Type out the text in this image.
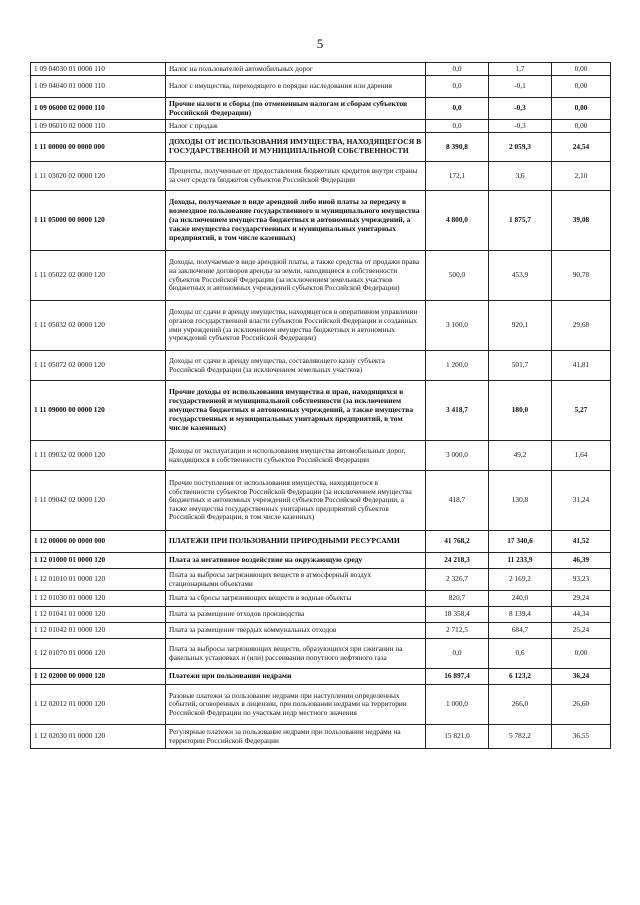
5
1 09 04030 01 0000 110	Налог на пользователей автомобильных дорог	0,0	1,7	0,00
1 09 04040 01 0000 110	Налог с имущества, переходящего в порядке наследования или дарения	0,0	-0,1	0,00
1 09 06000 02 0000 110	Прочие налоги и сборы (по отмененным налогам и сборам субъектов Российской Федерации)	0,0	-0,3	0,00
1 09 06010 02 0000 110	Налог с продаж	0,0	-0,3	0,00
1 11 00000 00 0000 000	ДОХОДЫ ОТ ИСПОЛЬЗОВАНИЯ ИМУЩЕСТВА, НАХОДЯЩЕГОСЯ В ГОСУДАРСТВЕННОЙ И МУНИЦИПАЛЬНОЙ СОБСТВЕННОСТИ	8 390,8	2 059,3	24,54
1 11 03020 02 0000 120	Проценты, полученные от предоставления бюджетных кредитов внутри страны за счет средств бюджетов субъектов Российской Федерации	172,1	3,6	2,10
1 11 05000 00 0000 120	Доходы, получаемые в виде арендной либо иной платы за передачу в возмездное пользование государственного и муниципального имущества (за исключением имущества бюджетных и автономных учреждений, а также имущества государственных и муниципальных унитарных предприятий, в том числе казенных)	4 800,0	1 875,7	39,08
1 11 05022 02 0000 120	Доходы, получаемые в виде арендной платы, а также средства от продажи права на заключение договоров аренды за земли, находящиеся в собственности субъектов Российской Федерации (за исключением земельных участков бюджетных и автономных учреждений субъектов Российской Федерации)	500,0	453,9	90,78
1 11 05032 02 0000 120	Доходы от сдачи в аренду имущества, находящегося в оперативном управлении органов государственной власти субъектов Российской Федерации и созданных ими учреждений (за исключением имущества бюджетных и автономных учреждений субъектов Российской Федерации)	3 100,0	920,1	29,68
1 11 05072 02 0000 120	Доходы от сдачи в аренду имущества, составляющего казну субъекта Российской Федерации (за исключением земельных участков)	1 200,0	501,7	41,81
1 11 09000 00 0000 120	Прочие доходы от использования имущества и прав, находящихся в государственной и муниципальной собственности (за исключением имущества бюджетных и автономных учреждений, а также имущества государственных и муниципальных унитарных предприятий, в том числе казенных)	3 418,7	180,0	5,27
1 11 09032 02 0000 120	Доходы от эксплуатации и использования имущества автомобильных дорог, находящихся в собственности субъектов Российской Федерации	3 000,0	49,2	1,64
1 11 09042 02 0000 120	Прочие поступления от использования имущества, находящегося в собственности субъектов Российской Федерации (за исключением имущества бюджетных и автономных учреждений субъектов Российской Федерации, а также имущества государственных унитарных предприятий субъектов Российской Федерации, в том числе казенных)	418,7	130,8	31,24
1 12 00000 00 0000 000	ПЛАТЕЖИ ПРИ ПОЛЬЗОВАНИИ ПРИРОДНЫМИ РЕСУРСАМИ	41 768,2	17 340,6	41,52
1 12 01000 01 0000 120	Плата за негативное воздействие на окружающую среду	24 218,3	11 233,9	46,39
1 12 01010 01 0000 120	Плата за выбросы загрязняющих веществ в атмосферный воздух стационарными объектами	2 326,7	2 169,2	93,23
1 12 01030 01 0000 120	Плата за сбросы загрязняющих веществ в водные объекты	820,7	240,0	29,24
1 12 01041 01 0000 120	Плата за размещение отходов производства	18 358,4	8 139,4	44,34
1 12 01042 01 0000 120	Плата за размещение твердых коммунальных отходов	2 712,5	684,7	25,24
1 12 01070 01 0000 120	Плата за выбросы загрязняющих веществ, образующихся при сжигании на факельных установках и (или) рассеивании попутного нефтяного газа	0,0	0,6	0,00
1 12 02000 00 0000 120	Платежи при пользовании недрами	16 897,4	6 123,2	36,24
1 12 02012 01 0000 120	Разовые платежи за пользование недрами при наступлении определенных событий, оговоренных в лицензии, при пользовании недрами на территории Российской Федерации по участкам недр местного значения	1 000,0	266,0	26,60
1 12 02030 01 0000 120	Регулярные платежи за пользование недрами при пользовании недрами на территории Российской Федерации	15 821,0	5 782,2	36,55
